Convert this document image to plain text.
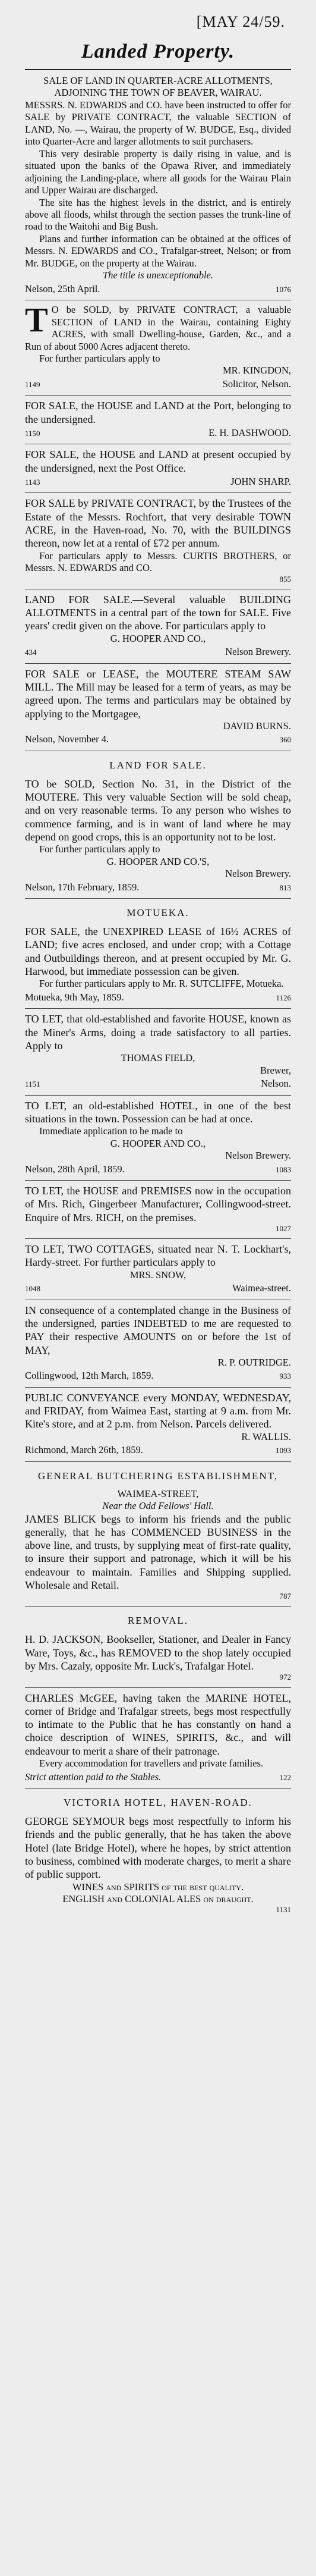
[MAY 24/59.
Landed Property.

SALE OF LAND IN QUARTER-ACRE ALLOTMENTS,

ADJOINING THE TOWN OF BEAVER, WAIRAU.

MESSRS. N. EDWARDS and CO. have been instructed to offer for SALE by PRIVATE CONTRACT, the valuable SECTION of LAND, No. —, Wairau, the property of W. BUDGE, Esq., divided into Quarter-Acre and larger allotments to suit purchasers.

This very desirable property is daily rising in value, and is situated upon the banks of the Opawa River, and immediately adjoining the Landing-place, where all goods for the Wairau Plain and Upper Wairau are discharged.

The site has the highest levels in the district, and is entirely above all floods, whilst through the section passes the trunk-line of road to the Waitohi and Big Bush.

Plans and further information can be obtained at the offices of Messrs. N. EDWARDS and CO., Trafalgar-street, Nelson; or from Mr. BUDGE, on the property at the Wairau.

The title is unexceptionable.

Nelson, 25th April.	1076

T O be SOLD, by PRIVATE CONTRACT, a valuable SECTION of LAND in the Wairau, containing Eighty ACRES, with small Dwelling-house, Garden, &c., and a Run of about 5000 Acres adjacent thereto.

For further particulars apply to

MR. KINGDON,

1149	Solicitor, Nelson.

FOR SALE, the HOUSE and LAND at the Port, belonging to the undersigned.

1150	E. H. DASHWOOD.

FOR SALE, the HOUSE and LAND at present occupied by the undersigned, next the Post Office.

1143	JOHN SHARP.

FOR SALE by PRIVATE CONTRACT, by the Trustees of the Estate of the Messrs. Rochfort, that very desirable TOWN ACRE, in the Haven-road, No. 70, with the BUILDINGS thereon, now let at a rental of £72 per annum.

For particulars apply to Messrs. CURTIS BROTHERS, or Messrs. N. EDWARDS and CO.

855

LAND FOR SALE.—Several valuable BUILDING ALLOTMENTS in a central part of the town for SALE. Five years' credit given on the above. For particulars apply to

G. HOOPER AND CO.,

434	Nelson Brewery.

FOR SALE or LEASE, the MOUTERE STEAM SAW MILL. The Mill may be leased for a term of years, as may be agreed upon. The terms and particulars may be obtained by applying to the Mortgagee,

DAVID BURNS.

Nelson, November 4.	360
LAND FOR SALE.

TO be SOLD, Section No. 31, in the District of the MOUTERE. This very valuable Section will be sold cheap, and on very reasonable terms. To any person who wishes to commence farming, and is in want of land where he may depend on good crops, this is an opportunity not to be lost.

For further particulars apply to

G. HOOPER AND CO.'S,

Nelson Brewery.

Nelson, 17th February, 1859.	813
MOTUEKA.

FOR SALE, the UNEXPIRED LEASE of 16½ ACRES of LAND; five acres enclosed, and under crop; with a Cottage and Outbuildings thereon, and at present occupied by Mr. G. Harwood, but immediate possession can be given.

For further particulars apply to Mr. R. SUTCLIFFE, Motueka.

Motueka, 9th May, 1859.	1126

TO LET, that old-established and favorite HOUSE, known as the Miner's Arms, doing a trade satisfactory to all parties. Apply to

THOMAS FIELD,

Brewer,

1151	Nelson.

TO LET, an old-established HOTEL, in one of the best situations in the town. Possession can be had at once.

Immediate application to be made to

G. HOOPER AND CO.,

Nelson Brewery.

Nelson, 28th April, 1859.	1083

TO LET, the HOUSE and PREMISES now in the occupation of Mrs. Rich, Gingerbeer Manufacturer, Collingwood-street. Enquire of Mrs. RICH, on the premises.

1027

TO LET, TWO COTTAGES, situated near N. T. Lockhart's, Hardy-street. For further particulars apply to

MRS. SNOW,

1048	Waimea-street.

IN consequence of a contemplated change in the Business of the undersigned, parties INDEBTED to me are requested to PAY their respective AMOUNTS on or before the 1st of MAY,

R. P. OUTRIDGE.

Collingwood, 12th March, 1859.	933

PUBLIC CONVEYANCE every MONDAY, WEDNESDAY, and FRIDAY, from Waimea East, starting at 9 a.m. from Mr. Kite's store, and at 2 p.m. from Nelson. Parcels delivered.

R. WALLIS.

Richmond, March 26th, 1859.	1093
GENERAL BUTCHERING ESTABLISHMENT,

WAIMEA-STREET,

Near the Odd Fellows' Hall.

JAMES BLICK begs to inform his friends and the public generally, that he has COMMENCED BUSINESS in the above line, and trusts, by supplying meat of first-rate quality, to insure their support and patronage, which it will be his endeavour to maintain. Families and Shipping supplied. Wholesale and Retail.

787

REMOVAL.

H. D. JACKSON, Bookseller, Stationer, and Dealer in Fancy Ware, Toys, &c., has REMOVED to the shop lately occupied by Mrs. Cazaly, opposite Mr. Luck's, Trafalgar Hotel.

972

CHARLES McGEE, having taken the MARINE HOTEL, corner of Bridge and Trafalgar streets, begs most respectfully to intimate to the Public that he has constantly on hand a choice description of WINES, SPIRITS, &c., and will endeavour to merit a share of their patronage.

Every accommodation for travellers and private families.

Strict attention paid to the Stables.	122
VICTORIA HOTEL, HAVEN-ROAD.

GEORGE SEYMOUR begs most respectfully to inform his friends and the public generally, that he has taken the above Hotel (late Bridge Hotel), where he hopes, by strict attention to business, combined with moderate charges, to merit a share of public support.

WINES and SPIRITS of the best quality.

ENGLISH and COLONIAL ALES on draught.

1131
